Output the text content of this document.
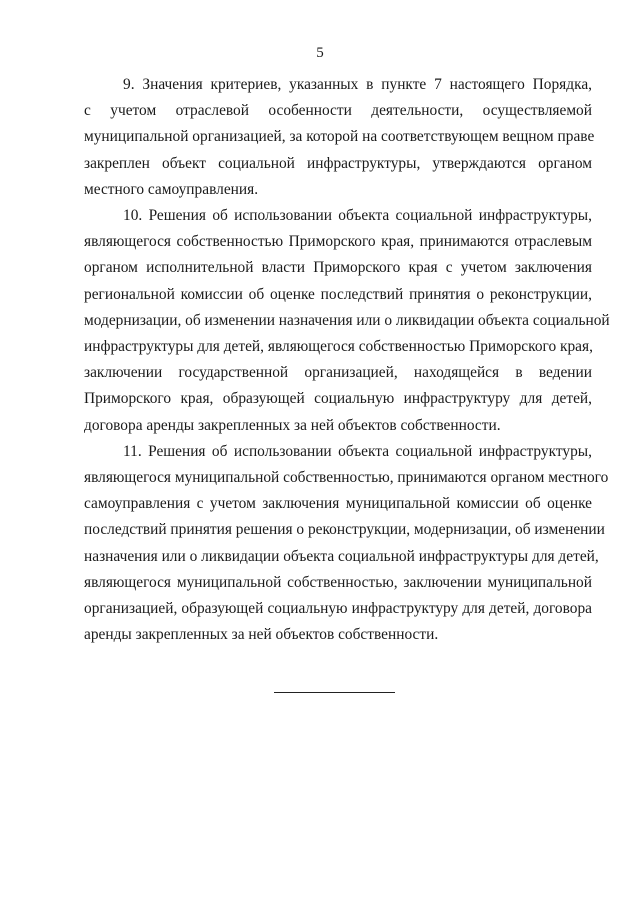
5

9. Значения критериев, указанных в пункте 7 настоящего Порядка,

с учетом отраслевой особенности деятельности, осуществляемой

муниципальной организацией, за которой на соответствующем вещном праве

закреплен объект социальной инфраструктуры, утверждаются органом

местного самоуправления.

10. Решения об использовании объекта социальной инфраструктуры,

являющегося собственностью Приморского края, принимаются отраслевым

органом исполнительной власти Приморского края с учетом заключения

региональной комиссии об оценке последствий принятия о реконструкции,

модернизации, об изменении назначения или о ликвидации объекта социальной

инфраструктуры для детей, являющегося собственностью Приморского края,

заключении государственной организацией, находящейся в ведении

Приморского края, образующей социальную инфраструктуру для детей,

договора аренды закрепленных за ней объектов собственности.

11. Решения об использовании объекта социальной инфраструктуры,

являющегося муниципальной собственностью, принимаются органом местного

самоуправления с учетом заключения муниципальной комиссии об оценке

последствий принятия решения о реконструкции, модернизации, об изменении

назначения или о ликвидации объекта социальной инфраструктуры для детей,

являющегося муниципальной собственностью, заключении муниципальной

организацией, образующей социальную инфраструктуру для детей, договора

аренды закрепленных за ней объектов собственности.
